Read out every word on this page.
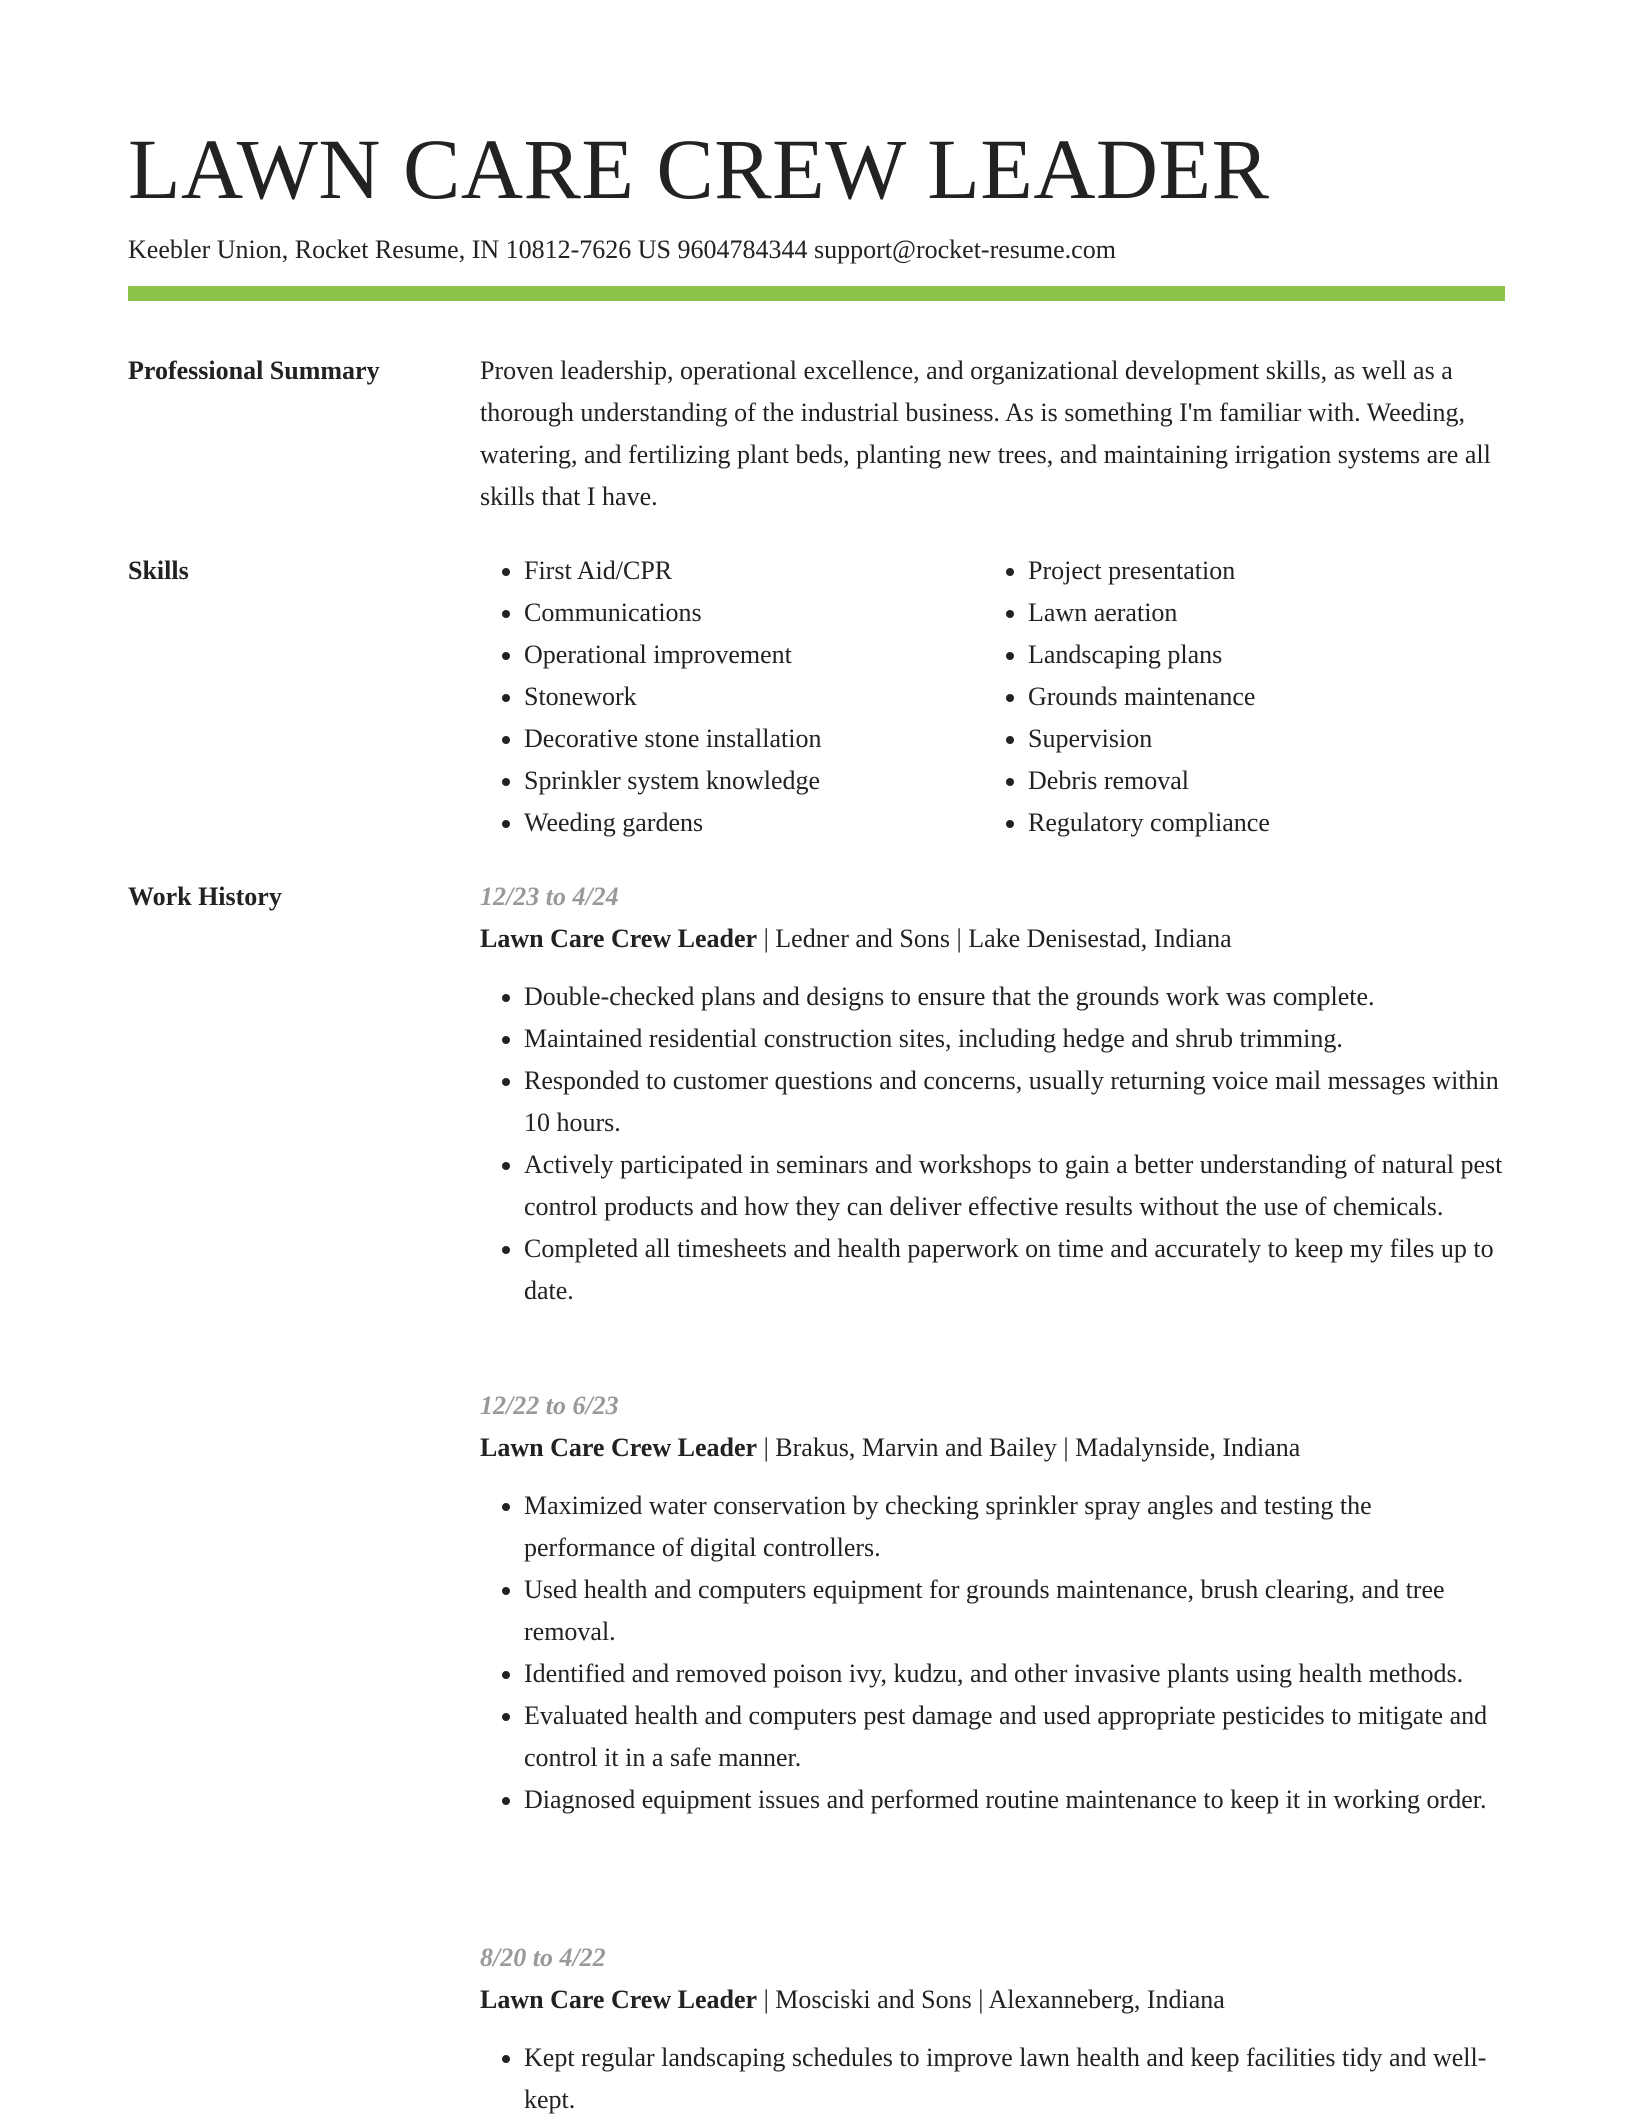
LAWN CARE CREW LEADER
Keebler Union, Rocket Resume, IN 10812-7626 US 9604784344 support@rocket-resume.com
Professional Summary	Proven leadership, operational excellence, and organizational development skills, as well as a thorough understanding of the industrial business. As is something I'm familiar with. Weeding, watering, and fertilizing plant beds, planting new trees, and maintaining irrigation systems are all skills that I have.

Skills
•	First Aid/CPR
• Communications
• Operational improvement
• Stonework
• Decorative stone installation
• Sprinkler system knowledge
• Weeding gardens
• Project presentation
• Lawn aeration
• Landscaping plans
• Grounds maintenance
• Supervision
• Debris removal
• Regulatory compliance
Work History	12/23 to 4/24
Lawn Care Crew Leader | Ledner and Sons | Lake Denisestad, Indiana
• Double-checked plans and designs to ensure that the grounds work was complete.
• Maintained residential construction sites, including hedge and shrub trimming.
• Responded to customer questions and concerns, usually returning voice mail messages within 10 hours.
• Actively participated in seminars and workshops to gain a better understanding of natural pest control products and how they can deliver effective results without the use of chemicals.
• Completed all timesheets and health paperwork on time and accurately to keep my files up to date.
12/22 to 6/23
Lawn Care Crew Leader | Brakus, Marvin and Bailey | Madalynside, Indiana
• Maximized water conservation by checking sprinkler spray angles and testing the performance of digital controllers.
• Used health and computers equipment for grounds maintenance, brush clearing, and tree removal.
• Identified and removed poison ivy, kudzu, and other invasive plants using health methods.
• Evaluated health and computers pest damage and used appropriate pesticides to mitigate and control it in a safe manner.
• Diagnosed equipment issues and performed routine maintenance to keep it in working order.
8/20 to 4/22
Lawn Care Crew Leader | Mosciski and Sons | Alexanneberg, Indiana
• Kept regular landscaping schedules to improve lawn health and keep facilities tidy and well-kept.
